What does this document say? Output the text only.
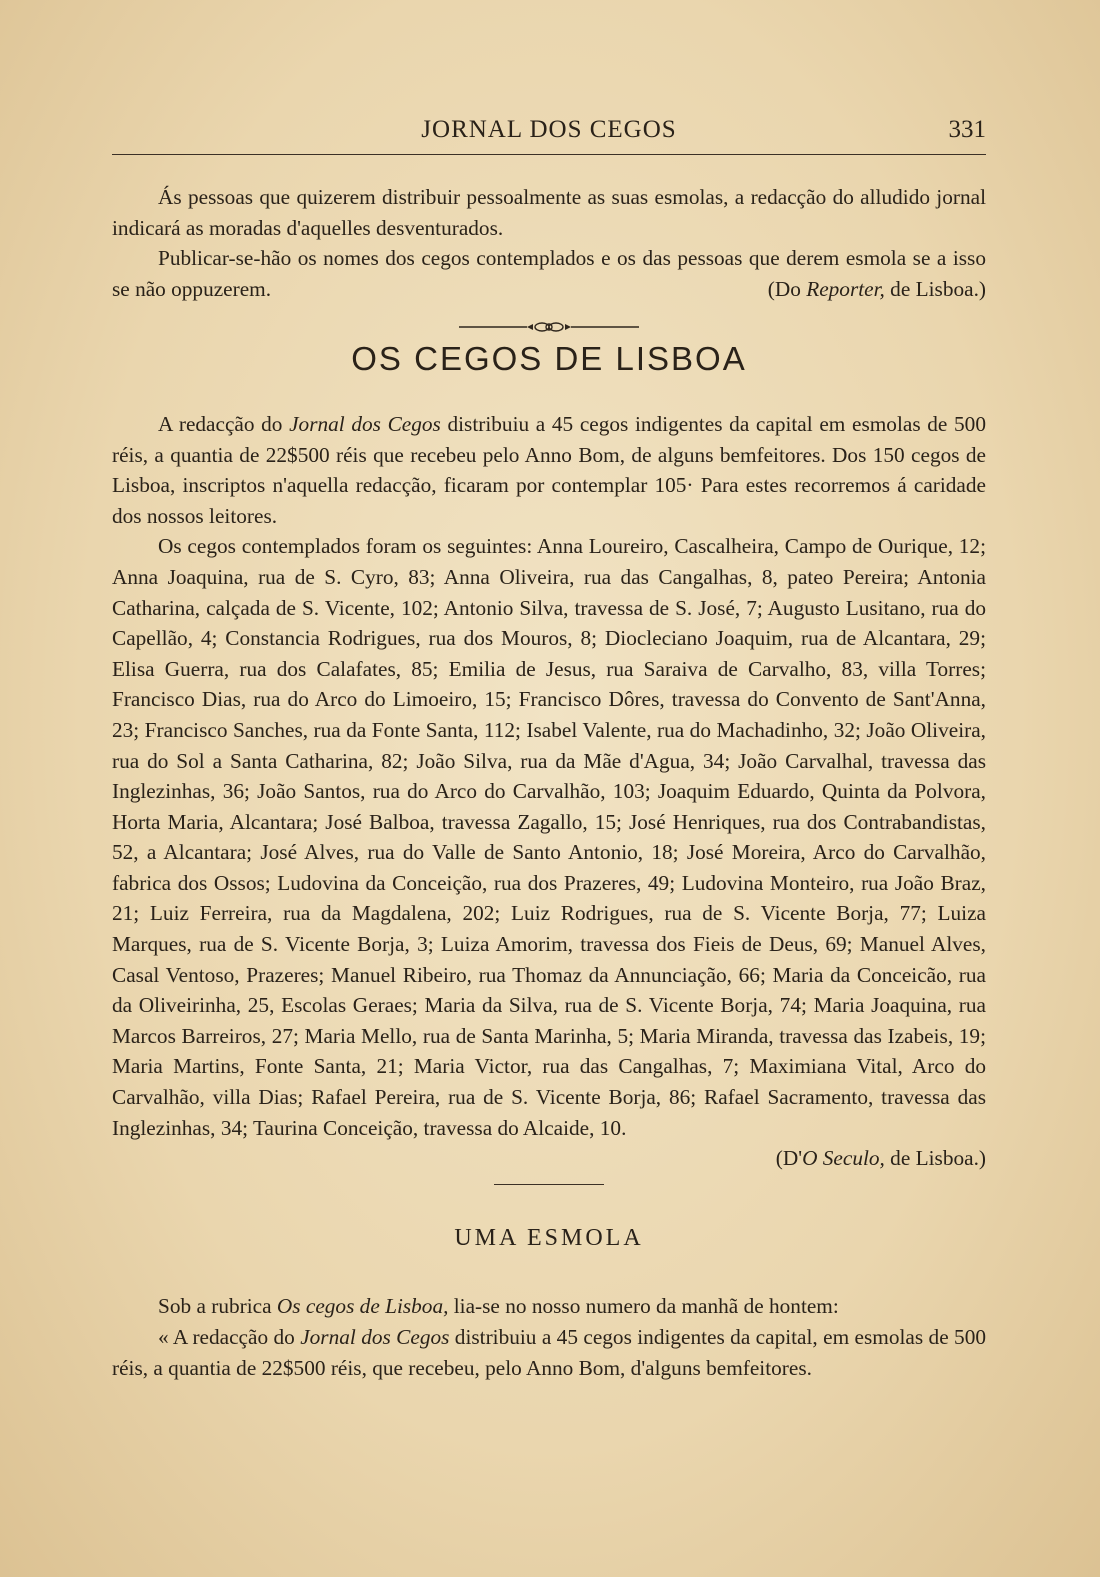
JORNAL DOS CEGOS	331

Ás pessoas que quizerem distribuir pessoalmente as suas esmolas, a redacção do alludido jornal indicará as moradas d'aquelles desventurados.

Publicar-se-hão os nomes dos cegos contemplados e os das pessoas que derem esmola se a isso se não oppuzerem.	(Do Reporter, de Lisboa.)

OS CEGOS DE LISBOA

A redacção do Jornal dos Cegos distribuiu a 45 cegos indigentes da capital em esmolas de 500 réis, a quantia de 22$500 réis que recebeu pelo Anno Bom, de alguns bemfeitores. Dos 150 cegos de Lisboa, inscriptos n'aquella redacção, ficaram por contemplar 105· Para estes recorremos á caridade dos nossos leitores.

Os cegos contemplados foram os seguintes: Anna Loureiro, Cascalheira, Campo de Ourique, 12; Anna Joaquina, rua de S. Cyro, 83; Anna Oliveira, rua das Cangalhas, 8, pateo Pereira; Antonia Catharina, calçada de S. Vicente, 102; Antonio Silva, travessa de S. José, 7; Augusto Lusitano, rua do Capellão, 4; Constancia Rodrigues, rua dos Mouros, 8; Diocleciano Joaquim, rua de Alcantara, 29; Elisa Guerra, rua dos Calafates, 85; Emilia de Jesus, rua Saraiva de Carvalho, 83, villa Torres; Francisco Dias, rua do Arco do Limoeiro, 15; Francisco Dôres, travessa do Convento de Sant'Anna, 23; Francisco Sanches, rua da Fonte Santa, 112; Isabel Valente, rua do Machadinho, 32; João Oliveira, rua do Sol a Santa Catharina, 82; João Silva, rua da Mãe d'Agua, 34; João Carvalhal, travessa das Inglezinhas, 36; João Santos, rua do Arco do Carvalhão, 103; Joaquim Eduardo, Quinta da Polvora, Horta Maria, Alcantara; José Balboa, travessa Zagallo, 15; José Henriques, rua dos Contrabandistas, 52, a Alcantara; José Alves, rua do Valle de Santo Antonio, 18; José Moreira, Arco do Carvalhão, fabrica dos Ossos; Ludovina da Conceição, rua dos Prazeres, 49; Ludovina Monteiro, rua João Braz, 21; Luiz Ferreira, rua da Magdalena, 202; Luiz Rodrigues, rua de S. Vicente Borja, 77; Luiza Marques, rua de S. Vicente Borja, 3; Luiza Amorim, travessa dos Fieis de Deus, 69; Manuel Alves, Casal Ventoso, Prazeres; Manuel Ribeiro, rua Thomaz da Annunciação, 66; Maria da Conceicão, rua da Oliveirinha, 25, Escolas Geraes; Maria da Silva, rua de S. Vicente Borja, 74; Maria Joaquina, rua Marcos Barreiros, 27; Maria Mello, rua de Santa Marinha, 5; Maria Miranda, travessa das Izabeis, 19; Maria Martins, Fonte Santa, 21; Maria Victor, rua das Cangalhas, 7; Maximiana Vital, Arco do Carvalhão, villa Dias; Rafael Pereira, rua de S. Vicente Borja, 86; Rafael Sacramento, travessa das Inglezinhas, 34; Taurina Conceição, travessa do Alcaide, 10.

(D'O Seculo, de Lisboa.)

UMA ESMOLA

Sob a rubrica Os cegos de Lisboa, lia-se no nosso numero da manhã de hontem:

« A redacção do Jornal dos Cegos distribuiu a 45 cegos indigentes da capital, em esmolas de 500 réis, a quantia de 22$500 réis, que recebeu, pelo Anno Bom, d'alguns bemfeitores.
